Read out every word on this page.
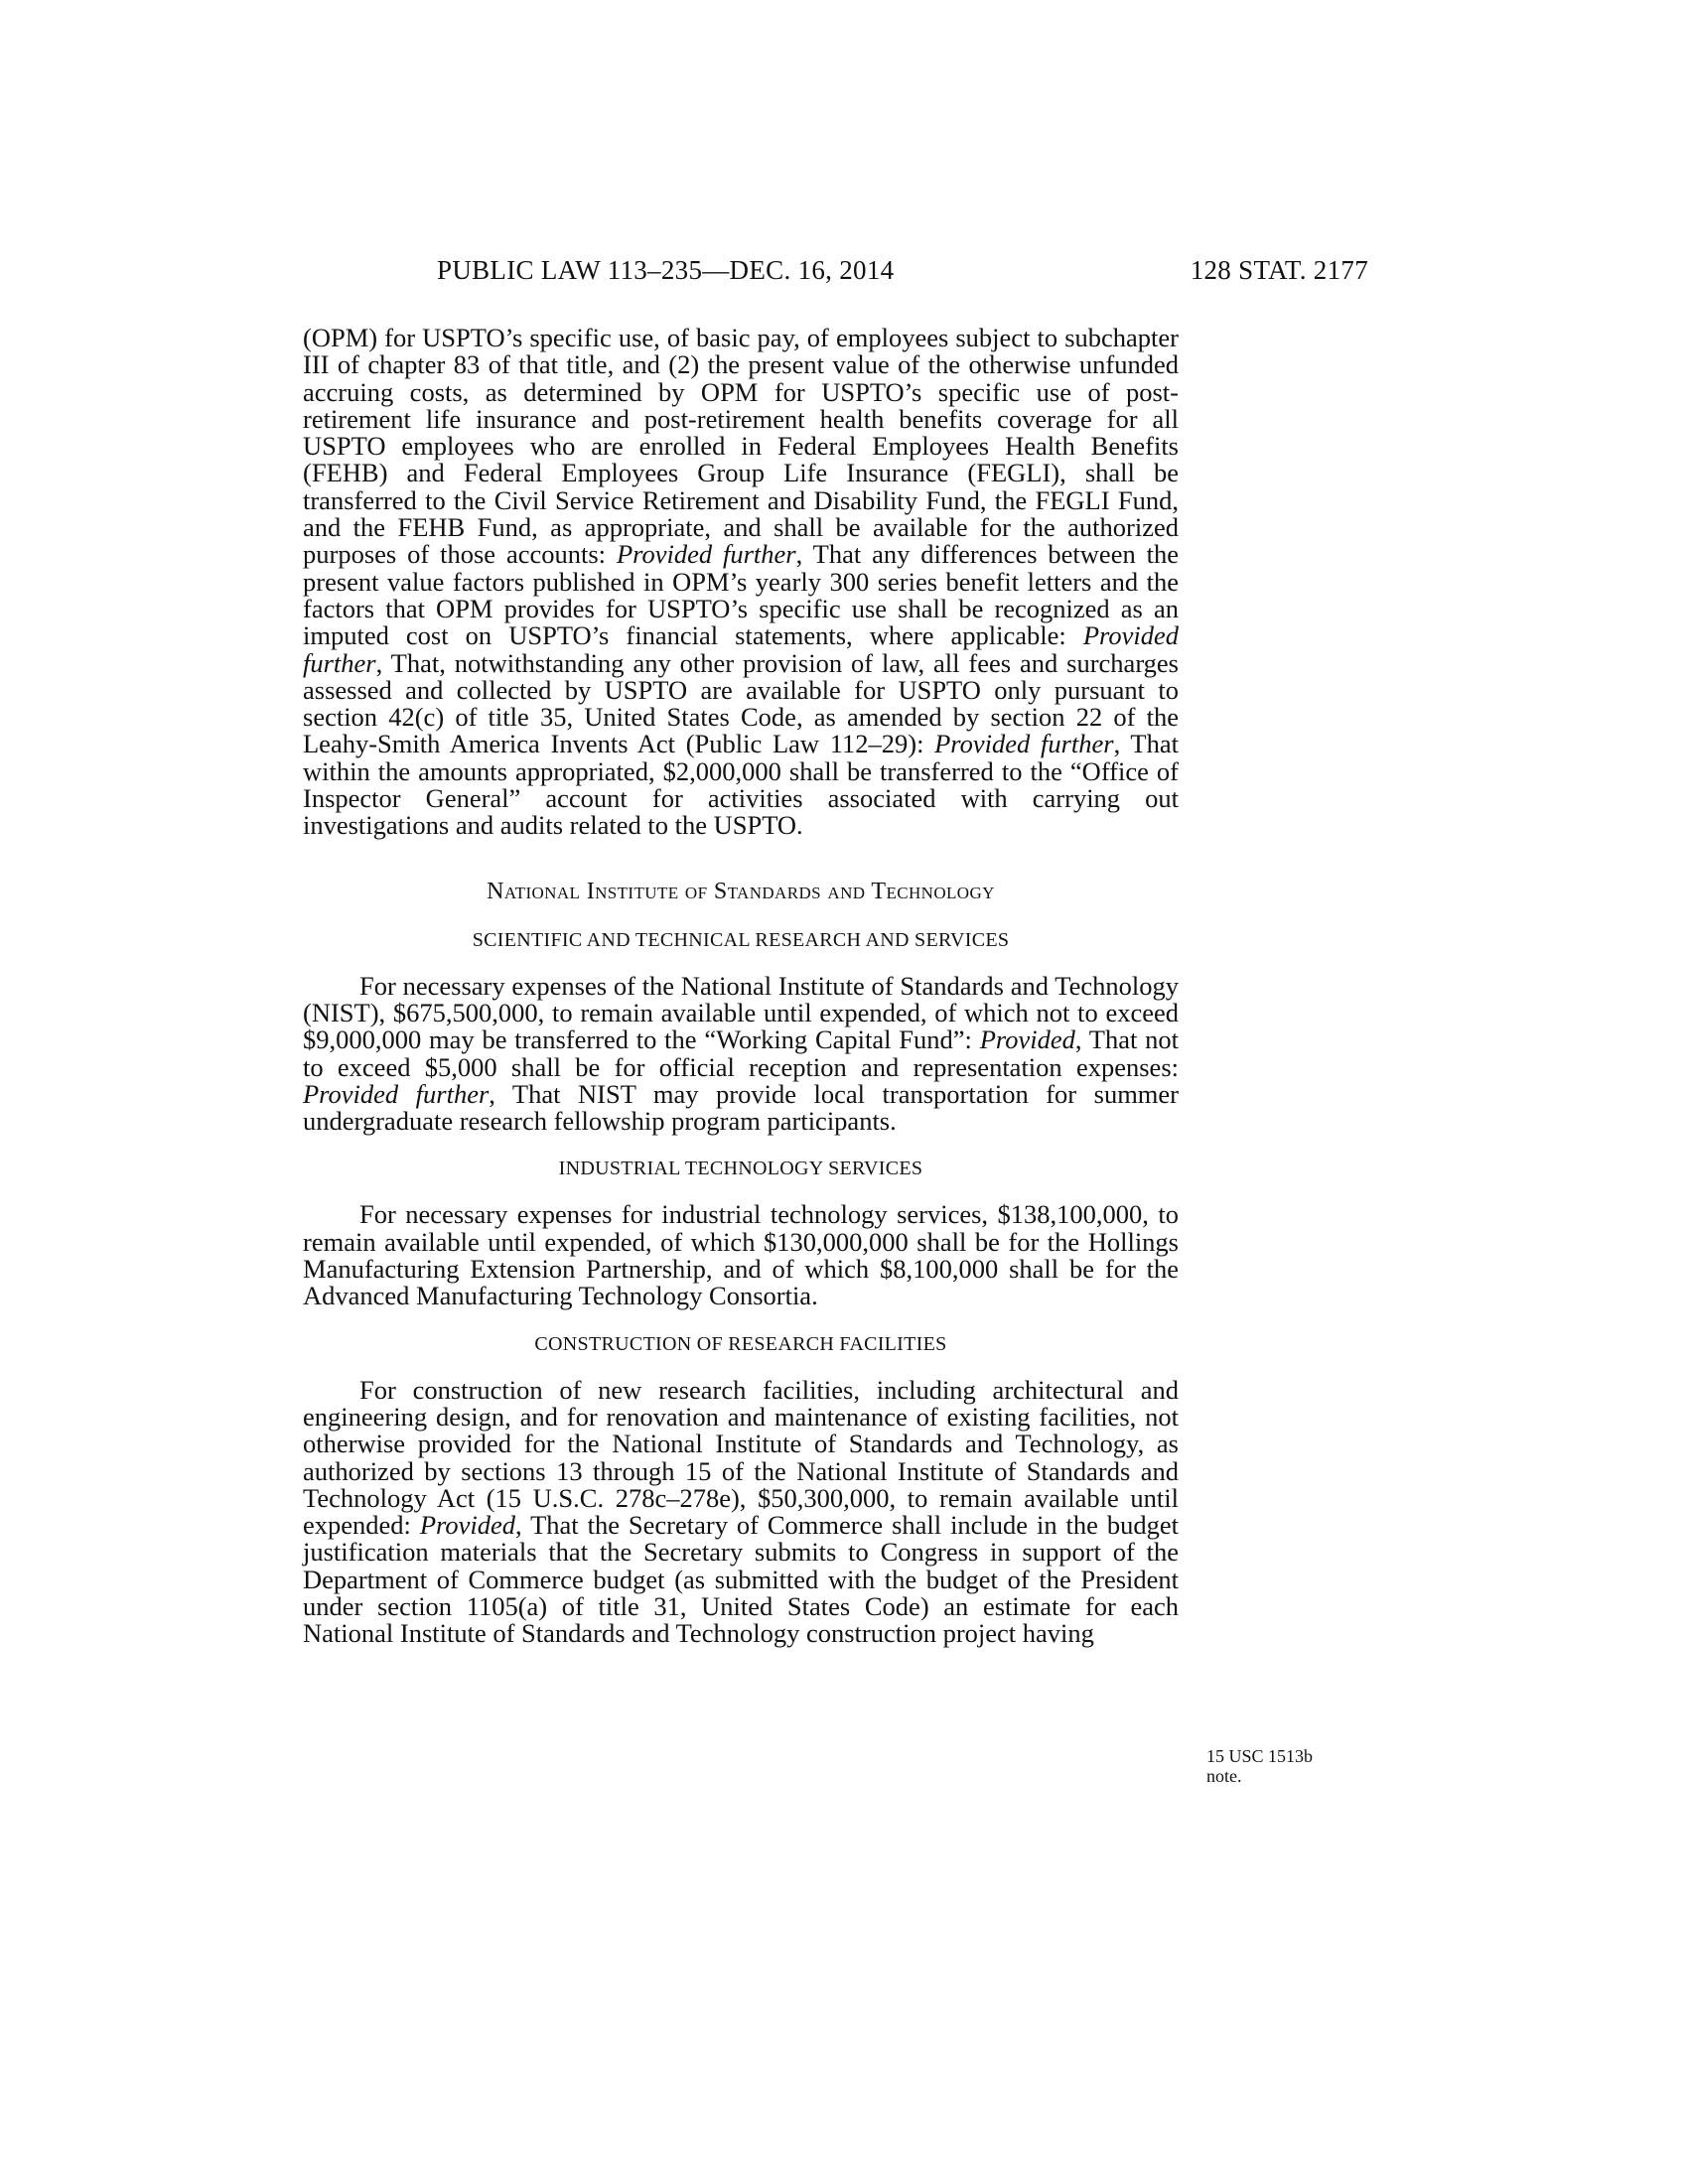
PUBLIC LAW 113–235—DEC. 16, 2014	128 STAT. 2177

(OPM) for USPTO’s specific use, of basic pay, of employees subject to subchapter III of chapter 83 of that title, and (2) the present value of the otherwise unfunded accruing costs, as determined by OPM for USPTO’s specific use of post-retirement life insurance and post-retirement health benefits coverage for all USPTO employees who are enrolled in Federal Employees Health Benefits (FEHB) and Federal Employees Group Life Insurance (FEGLI), shall be transferred to the Civil Service Retirement and Disability Fund, the FEGLI Fund, and the FEHB Fund, as appropriate, and shall be available for the authorized purposes of those accounts: Provided further, That any differences between the present value factors published in OPM’s yearly 300 series benefit letters and the factors that OPM provides for USPTO’s specific use shall be recognized as an imputed cost on USPTO’s financial statements, where applicable: Provided further, That, notwithstanding any other provision of law, all fees and surcharges assessed and collected by USPTO are available for USPTO only pursuant to section 42(c) of title 35, United States Code, as amended by section 22 of the Leahy-Smith America Invents Act (Public Law 112–29): Provided further, That within the amounts appropriated, $2,000,000 shall be transferred to the “Office of Inspector General” account for activities associated with carrying out investigations and audits related to the USPTO.

National Institute of Standards and Technology
SCIENTIFIC AND TECHNICAL RESEARCH AND SERVICES

For necessary expenses of the National Institute of Standards and Technology (NIST), $675,500,000, to remain available until expended, of which not to exceed $9,000,000 may be transferred to the “Working Capital Fund”: Provided, That not to exceed $5,000 shall be for official reception and representation expenses: Provided further, That NIST may provide local transportation for summer undergraduate research fellowship program participants.

INDUSTRIAL TECHNOLOGY SERVICES

For necessary expenses for industrial technology services, $138,100,000, to remain available until expended, of which $130,000,000 shall be for the Hollings Manufacturing Extension Partnership, and of which $8,100,000 shall be for the Advanced Manufacturing Technology Consortia.

CONSTRUCTION OF RESEARCH FACILITIES

For construction of new research facilities, including architectural and engineering design, and for renovation and maintenance of existing facilities, not otherwise provided for the National Institute of Standards and Technology, as authorized by sections 13 through 15 of the National Institute of Standards and Technology Act (15 U.S.C. 278c–278e), $50,300,000, to remain available until expended: Provided, That the Secretary of Commerce shall include in the budget justification materials that the Secretary submits to Congress in support of the Department of Commerce budget (as submitted with the budget of the President under section 1105(a) of title 31, United States Code) an estimate for each National Institute of Standards and Technology construction project having

15 USC 1513b
note.
